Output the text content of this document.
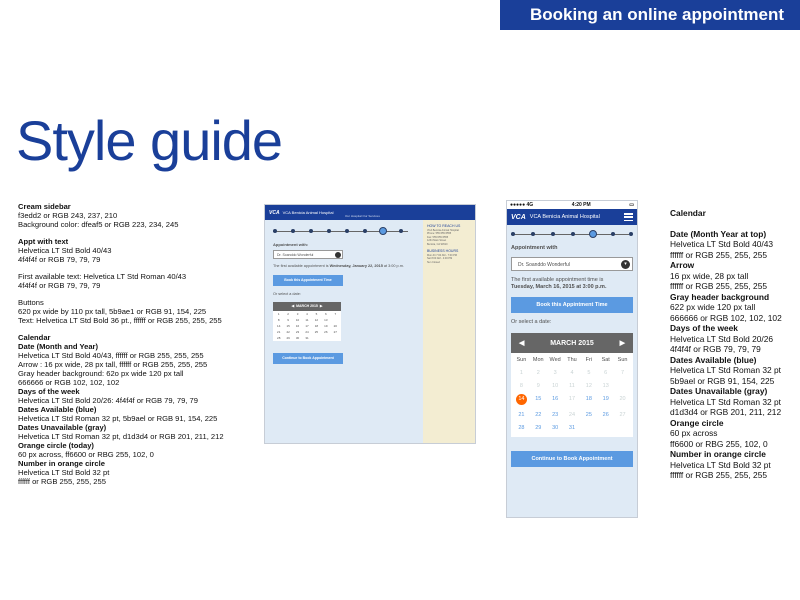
Booking an online appointment
Style guide
Cream sidebar
f3edd2 or RGB 243, 237, 210
Background color: dfeaf5 or RGB 223, 234, 245
Appt with text
Helvetica LT Std Bold 40/43
4f4f4f or RGB 79, 79, 79
First available text: Helvetica LT Std Roman 40/43
4f4f4f or RGB 79, 79, 79
Buttons
620 px wide by 110 px tall, 5b9ae1 or RGB 91, 154, 225
Text: Helvetica LT Std Bold 36 pt., ffffff or RGB 255, 255, 255
Calendar
Date (Month and Year)
Helvetica LT Std Bold 40/43, ffffff or RGB 255, 255, 255
Arrow : 16 px wide, 28 px tall, ffffff or RGB 255, 255, 255
Gray header background: 62o px wide 120 px tall
666666 or RGB 102, 102, 102
Days of the week
Helvetica LT Std Bold 20/26: 4f4f4f or RGB 79, 79, 79
Dates Available (blue)
Helvetica LT Std Roman 32 pt, 5b9ael or RGB 91, 154, 225
Dates Unavailable (gray)
Helvetica LT Std Roman 32 pt, d1d3d4 or RGB 201, 211, 212
Orange circle (today)
60 px across, ff6600 or RBG 255, 102, 0
Number in orange circle
Helvetica LT Std Bold 32 pt
ffffff or RGB 255, 255, 255
VCA VCA Benicia Animal Hospital
Our Hospital Our Services
HOW TO REACH US
VCA Benicia Animal Hospital
Phone: 555-555-5555
Fax: 555-555-5555
1234 Main Street
Benicia, CA 94510
BUSINESS HOURS
Mon-Fri 7:00 AM - 7:00 PM
Sat 8:00 AM - 4:00 PM
Sun Closed
Appointment with:
Dr. Soanddo Wonderful
The first available appointment is Wednesday, January 22, 2015 at 3:00 p.m.
Book this Appointment Time
Or select a date:
◀  MARCH 2015  ▶
1	2	3	4	5	6	7
8	9	10	11	12	13
14	15	16	17	18	19	20
21	22	23	24	25	26	27
28	29	30	31
Continue to Book Appointment
●●●●● 4G	4:20 PM	▭
VCA VCA Benicia Animal Hospital
Appointment with
Dr. Soanddo Wonderful	▾
The first available appointment time is
Tuesday, March 16, 2015 at 3:00 p.m.
Book this Appintment Time
Or select a date:
◀	MARCH 2015	▶
Sun	Mon	Wed	Thu	Fri	Sat	Sun
1	2	3	4	5	6	7
8	9	10	11	12	13
14	15	16	17	18	19	20
21	22	23	24	25	26	27
28	29	30	31
Continue to Book Appointment
Calendar
Date (Month Year at top)
Helvetica LT Std Bold 40/43
ffffff or RGB 255, 255, 255
Arrow
16 px wide, 28 px tall
ffffff or RGB 255, 255, 255
Gray header background
622 px wide 120 px tall
666666 or RGB 102, 102, 102
Days of the week
Helvetica LT Std Bold 20/26
4f4f4f or RGB 79, 79, 79
Dates Available (blue)
Helvetica LT Std Roman 32 pt
5b9ael or RGB 91, 154, 225
Dates Unavailable (gray)
Helvetica LT Std Roman 32 pt
d1d3d4 or RGB 201, 211, 212
Orange circle
60 px across
ff6600 or RBG 255, 102, 0
Number in orange circle
Helvetica LT Std Bold 32 pt
ffffff or RGB 255, 255, 255
